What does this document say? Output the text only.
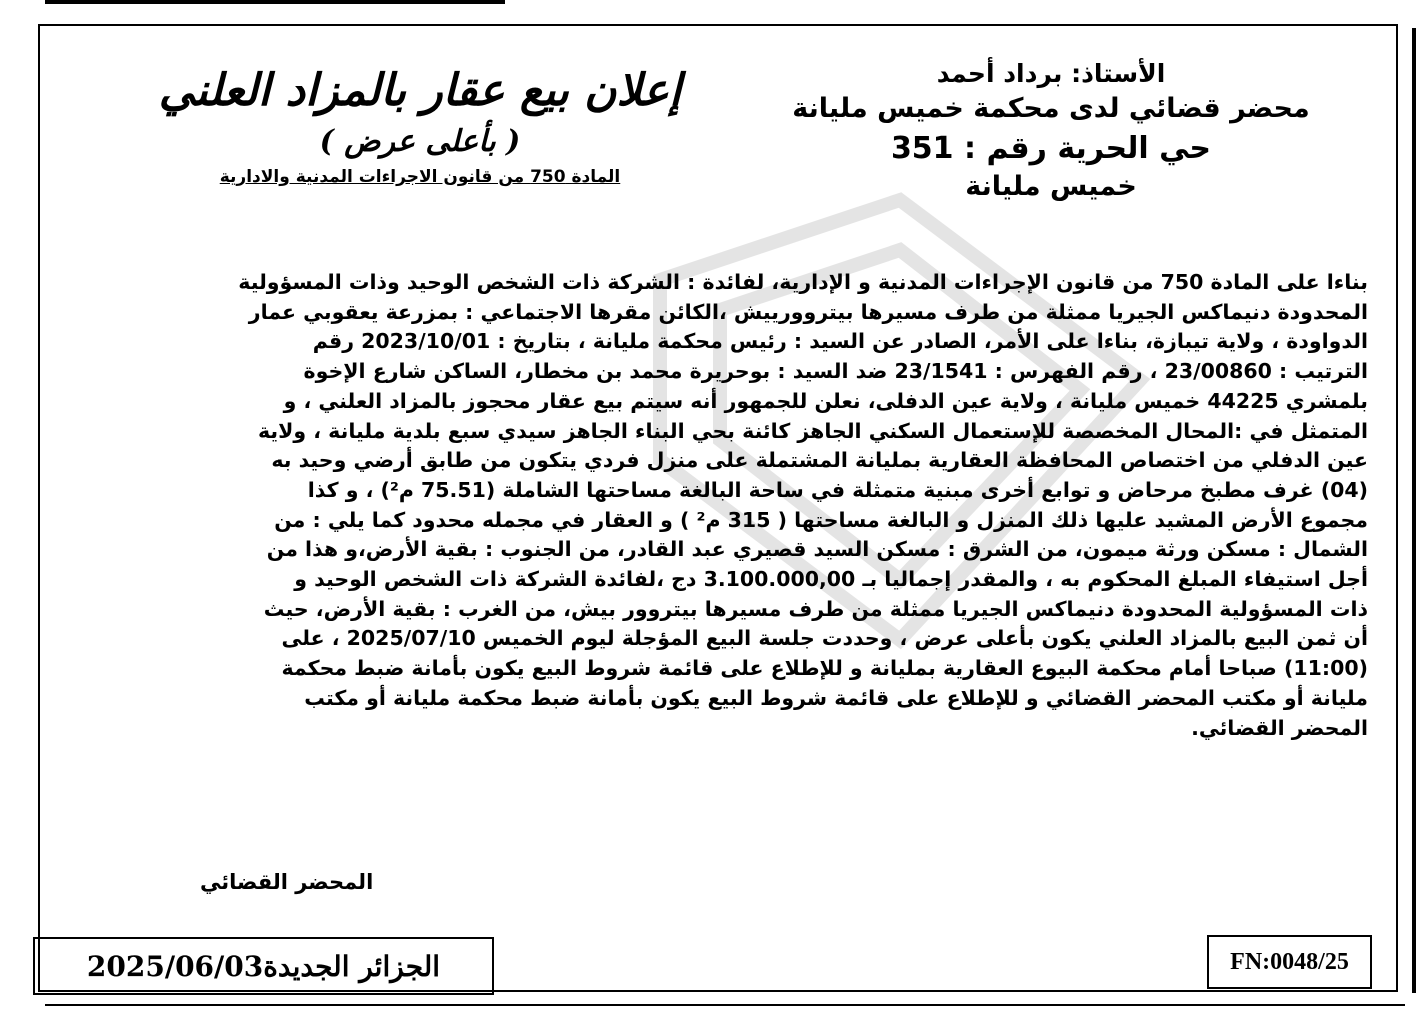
الأستاذ: برداد أحمد
محضر قضائي لدى محكمة خميس مليانة
حي الحرية رقم : 351
خميس مليانة
إعلان بيع عقار بالمزاد العلني
( بأعلى عرض )
المادة 750 من قانون الاجراءات المدنية والادارية
بناءا على المادة 750 من قانون الإجراءات المدنية و الإدارية، لفائدة : الشركة ذات الشخص الوحيد وذات المسؤولية
المحدودة دنيماكس الجيريا ممثلة من طرف مسيرها بيتروورييش ،الكائن مقرها الاجتماعي : بمزرعة يعقوبي عمار
الدواودة ، ولاية تيبازة، بناءا على الأمر، الصادر عن السيد : رئيس محكمة مليانة ، بتاريخ : 2023/10/01 رقم
الترتيب : 23/00860 ، رقم الفهرس : 23/1541 ضد السيد : بوحريرة محمد بن مخطار، الساكن شارع الإخوة
بلمشري 44225 خميس مليانة ، ولاية عين الدفلى، نعلن للجمهور أنه سيتم بيع عقار محجوز بالمزاد العلني ، و
المتمثل في :المحال المخصصة للإستعمال السكني الجاهز كائنة بحي البناء الجاهز سيدي سبع بلدية مليانة ، ولاية
عين الدفلي من اختصاص المحافظة العقارية بمليانة المشتملة على منزل فردي يتكون من طابق أرضي وحيد به
(04) غرف مطبخ مرحاض و توابع أخرى مبنية متمثلة في ساحة البالغة مساحتها الشاملة (75.51 م²) ، و كذا
مجموع الأرض المشيد عليها ذلك المنزل و البالغة مساحتها ( 315 م² ) و العقار في مجمله محدود كما يلي : من
الشمال : مسكن ورثة ميمون، من الشرق : مسكن السيد قصيري عبد القادر، من الجنوب : بقية الأرض،و هذا من
أجل استيفاء المبلغ المحكوم به ، والمقدر إجماليا بـ 3.100.000,00 دج ،لفائدة الشركة ذات الشخص الوحيد و
ذات المسؤولية المحدودة دنيماكس الجيريا ممثلة من طرف مسيرها بيتروور بيش، من الغرب : بقية الأرض، حيث
أن ثمن البيع بالمزاد العلني يكون بأعلى عرض ، وحددت جلسة البيع المؤجلة ليوم الخميس 2025/07/10 ، على
(11:00) صباحا أمام محكمة البيوع العقارية بمليانة و للإطلاع على قائمة شروط البيع يكون بأمانة ضبط محكمة
مليانة أو مكتب المحضر القضائي و للإطلاع على قائمة شروط البيع يكون بأمانة ضبط محكمة مليانة أو مكتب
المحضر القضائي.
المحضر القضائي
الجزائر الجديدة2025/06/03	FN:0048/25
